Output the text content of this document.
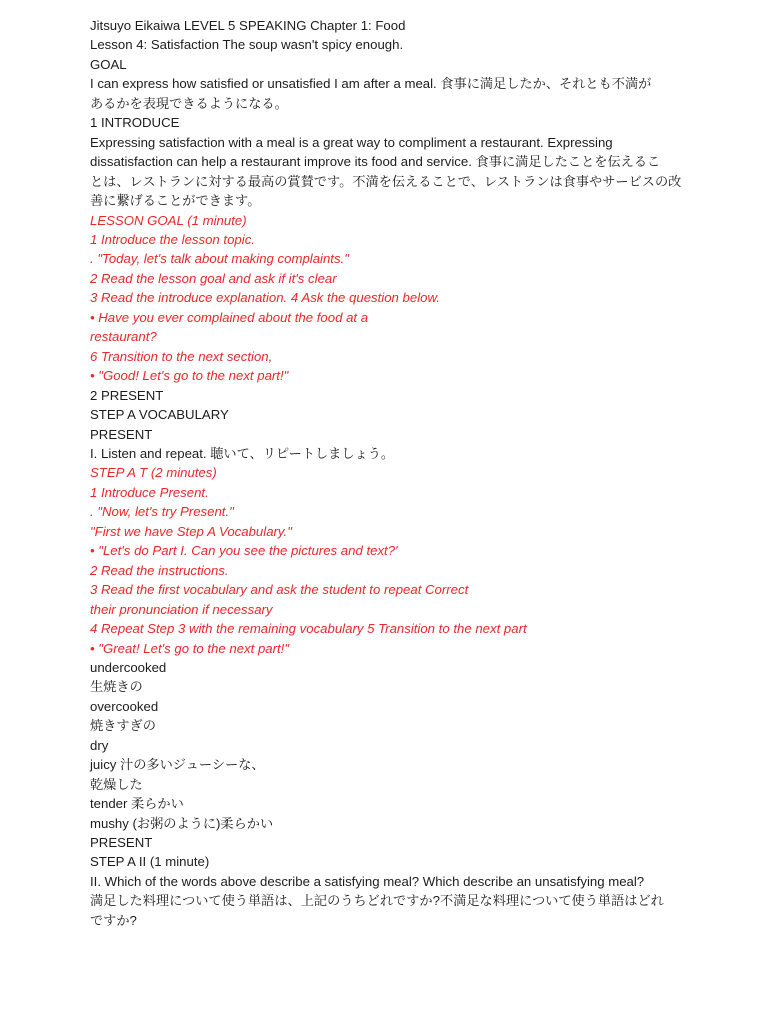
Jitsuyo Eikaiwa LEVEL 5 SPEAKING Chapter 1: Food
Lesson 4: Satisfaction The soup wasn't spicy enough.
GOAL
I can express how satisfied or unsatisfied I am after a meal. 食事に満足したか、それとも不満が
あるかを表現できるようになる。
1 INTRODUCE
Expressing satisfaction with a meal is a great way to compliment a restaurant. Expressing
dissatisfaction can help a restaurant improve its food and service. 食事に満足したことを伝えるこ
とは、レストランに対する最高の賞賛です。不満を伝えることで、レストランは食事やサービスの改
善に繋げることができます。
LESSON GOAL (1 minute)
1 Introduce the lesson topic.
. "Today, let's talk about making complaints."
2 Read the lesson goal and ask if it's clear
3 Read the introduce explanation. 4 Ask the question below.
• Have you ever complained about the food at a
restaurant?
6 Transition to the next section,
• "Good! Let's go to the next part!"
2 PRESENT
STEP A VOCABULARY
PRESENT
I. Listen and repeat. 聴いて、リピートしましょう。
STEP A T (2 minutes)
1 Introduce Present.
. "Now, let's try Present."
"First we have Step A Vocabulary."
• "Let's do Part I. Can you see the pictures and text?'
2 Read the instructions.
3 Read the first vocabulary and ask the student to repeat Correct
their pronunciation if necessary
4 Repeat Step 3 with the remaining vocabulary 5 Transition to the next part
• "Great! Let's go to the next part!"
undercooked
生焼きの
overcooked
焼きすぎの
dry
juicy 汁の多いジューシーな、
乾燥した
tender 柔らかい
mushy (お粥のように)柔らかい
PRESENT
STEP A II (1 minute)
II. Which of the words above describe a satisfying meal? Which describe an unsatisfying meal?
満足した料理について使う単語は、上記のうちどれですか?不満足な料理について使う単語はどれ
ですか?
